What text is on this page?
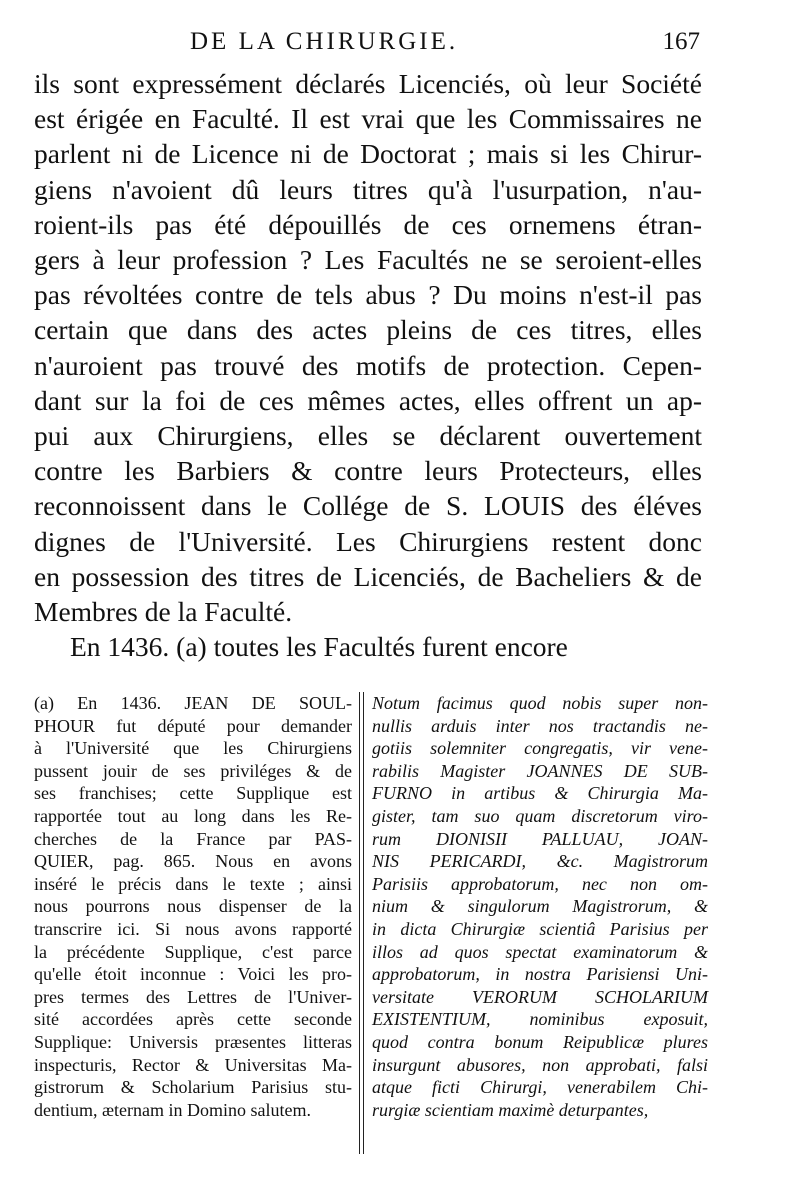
DE LA CHIRURGIE.	167
ils sont expressément déclarés Licenciés, où leur Société
est érigée en Faculté. Il est vrai que les Commissaires ne
parlent ni de Licence ni de Doctorat ; mais si les Chirur-
giens n'avoient dû leurs titres qu'à l'usurpation, n'au-
roient-ils pas été dépouillés de ces ornemens étran-
gers à leur profession ? Les Facultés ne se seroient-elles
pas révoltées contre de tels abus ? Du moins n'est-il pas
certain que dans des actes pleins de ces titres, elles
n'auroient pas trouvé des motifs de protection. Cepen-
dant sur la foi de ces mêmes actes, elles offrent un ap-
pui aux Chirurgiens, elles se déclarent ouvertement
contre les Barbiers & contre leurs Protecteurs, elles
reconnoissent dans le Collége de S. LOUIS des éléves
dignes de l'Université. Les Chirurgiens restent donc
en possession des titres de Licenciés, de Bacheliers & de
Membres de la Faculté.
En 1436. (a) toutes les Facultés furent encore
(a) En 1436. JEAN DE SOUL-
PHOUR fut député pour demander
à l'Université que les Chirurgiens
pussent jouir de ses priviléges & de
ses franchises; cette Supplique est
rapportée tout au long dans les Re-
cherches de la France par PAS-
QUIER, pag. 865. Nous en avons
inséré le précis dans le texte ; ainsi
nous pourrons nous dispenser de la
transcrire ici. Si nous avons rapporté
la précédente Supplique, c'est parce
qu'elle étoit inconnue : Voici les pro-
pres termes des Lettres de l'Univer-
sité accordées après cette seconde
Supplique: Universis præsentes litteras
inspecturis, Rector & Universitas Ma-
gistrorum & Scholarium Parisius stu-
dentium, æternam in Domino salutem.
Notum facimus quod nobis super non-
nullis arduis inter nos tractandis ne-
gotiis solemniter congregatis, vir vene-
rabilis Magister JOANNES DE SUB-
FURNO in artibus & Chirurgia Ma-
gister, tam suo quam discretorum viro-
rum DIONISII PALLUAU, JOAN-
NIS PERICARDI, &c. Magistrorum
Parisiis approbatorum, nec non om-
nium & singulorum Magistrorum, &
in dicta Chirurgiæ scientiâ Parisius per
illos ad quos spectat examinatorum &
approbatorum, in nostra Parisiensi Uni-
versitate VERORUM SCHOLARIUM
EXISTENTIUM, nominibus exposuit,
quod contra bonum Reipublicæ plures
insurgunt abusores, non approbati, falsi
atque ficti Chirurgi, venerabilem Chi-
rurgiæ scientiam maximè deturpantes,
